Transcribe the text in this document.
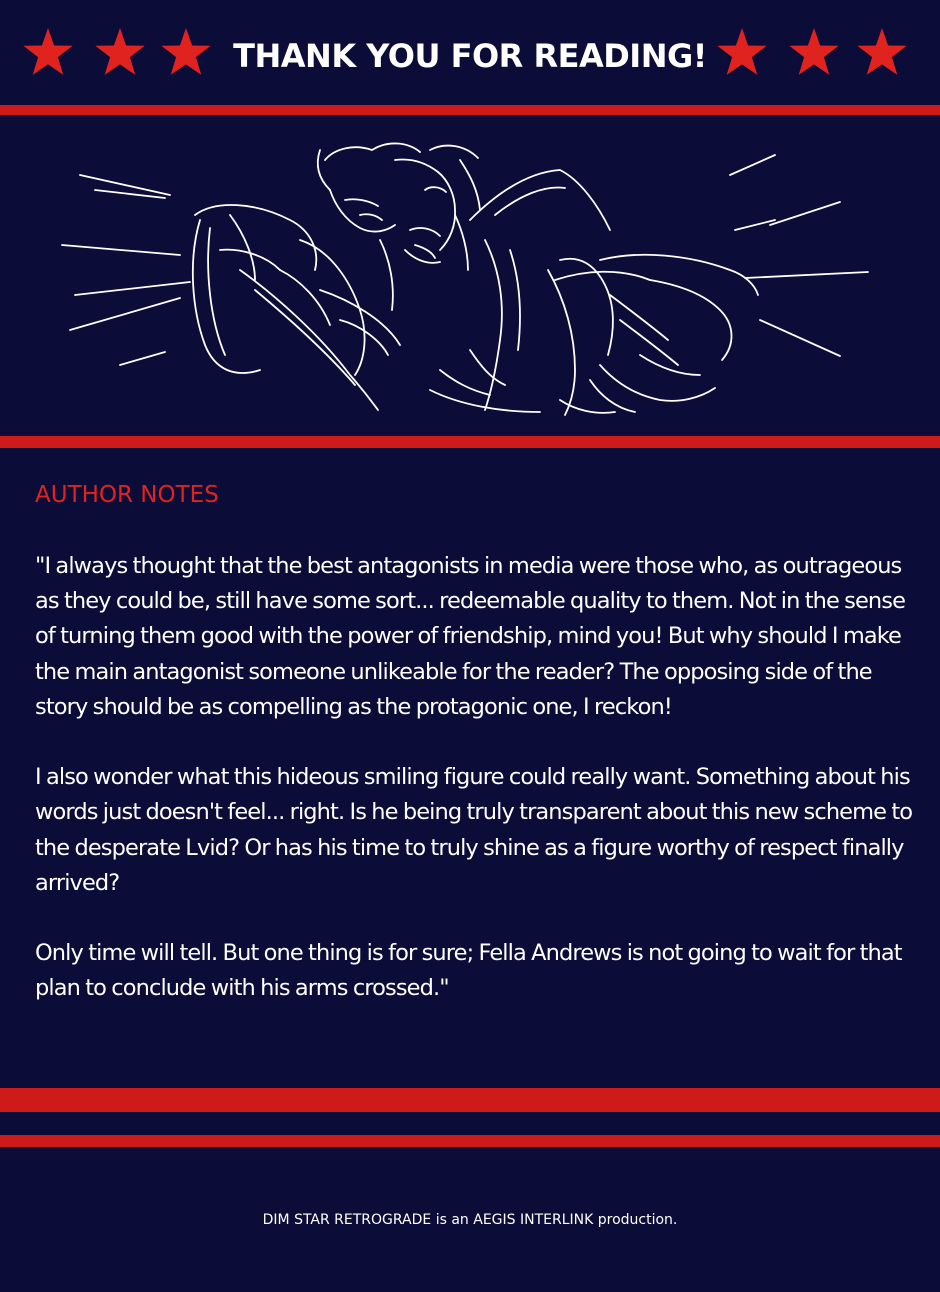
THANK YOU FOR READING!
AUTHOR NOTES

"I always thought that the best antagonists in media were those who, as outrageous as they could be, still have some sort... redeemable quality to them. Not in the sense of turning them good with the power of friendship, mind you! But why should I make the main antagonist someone unlikeable for the reader? The opposing side of the story should be as compelling as the protagonic one, I reckon!

I also wonder what this hideous smiling figure could really want. Something about his words just doesn't feel... right. Is he being truly transparent about this new scheme to the desperate Lvid? Or has his time to truly shine as a figure worthy of respect finally arrived?

Only time will tell. But one thing is for sure; Fella Andrews is not going to wait for that plan to conclude with his arms crossed."

DIM STAR RETROGRADE is an AEGIS INTERLINK production.
